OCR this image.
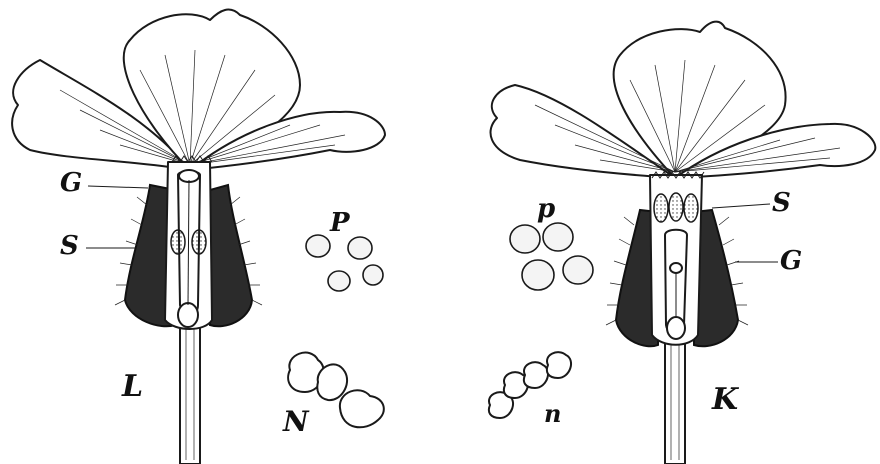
G
S
L
P
N
S
G
K
p
n
